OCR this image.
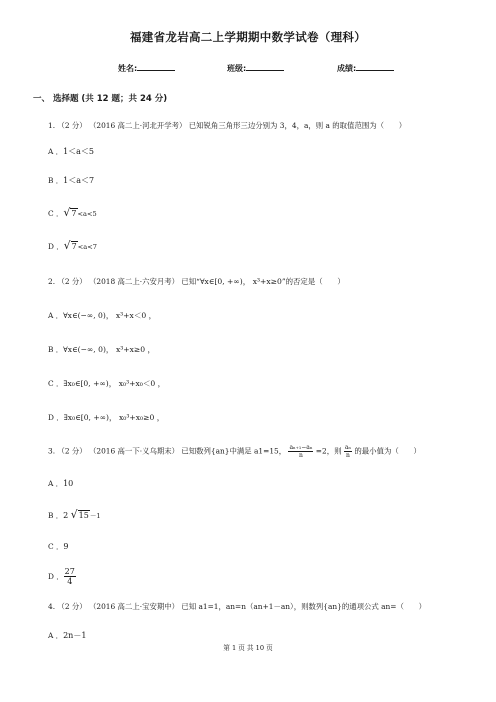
福建省龙岩高二上学期期中数学试卷（理科）
姓名:	班级:	成绩:
一、 选择题 (共 12 题；共 24 分)
1. （2 分） （2016 高二上·河北开学考） 已知锐角三角形三边分别为 3，4，a，则 a 的取值范围为（　　）
A ．1＜a＜5
B ．1＜a＜7
C ． √ 7<a<5
D ． √ 7<a<7
2. （2 分） （2018 高二上·六安月考） 已知“∀x∈[0, +∞)， x³+x≥0”的否定是（　　）
A ．∀x∈(−∞, 0)， x³+x＜0 ，
B ．∀x∈(−∞, 0)， x³+x≥0 ，
C ．∃x₀∈[0, +∞)， x₀³+x₀＜0 ，
D ．∃x₀∈[0, +∞)， x₀³+x₀≥0 ，
3. （2 分） （2016 高一下·义乌期末） 已知数列{an}中满足 a1=15， $\frac{\text{aₙ₊₁−aₙ}}{n} =2$，则 $\frac{\text{aₙ}}{n}$ 的最小值为（　　）
A ．10
B ．2 √ 15－1
C ．9
D ． $\frac{27}{4}$
4. （2 分） （2016 高二上·宝安期中） 已知 a1=1，an=n（an+1－an），则数列{an}的通项公式 an=（　　）
A ．2n－1
第 1 页 共 10 页
